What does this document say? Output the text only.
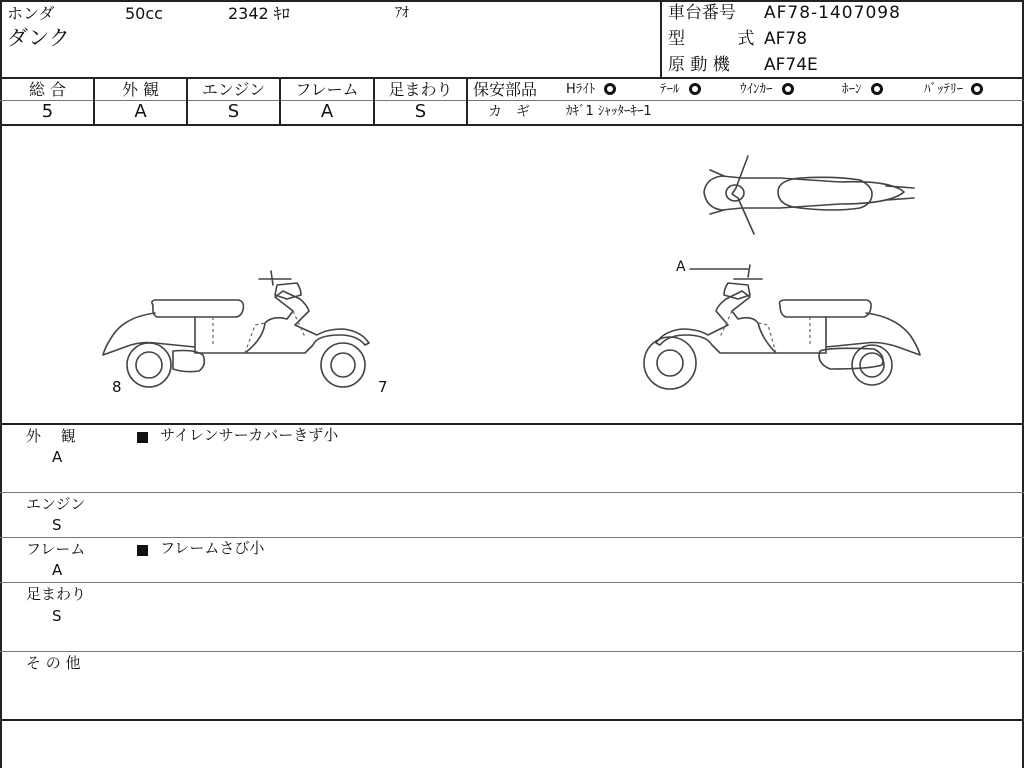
ホンダ	50cc	2342 ｷﾛ	ｱｵ
ダンク
車台番号 AF78-1407098
型　 式 AF78
原 動 機 AF74E
総 合
5
外 観
A
エンジン
S
フレーム
A
足まわり
S
保安部品 Hﾗｲﾄ	ﾃｰﾙ	ｳｲﾝｶｰ	ﾎｰﾝ	ﾊﾞｯﾃﾘｰ
カ　ギ	ｶｷﾞ1 ｼｬｯﾀｰｷｰ1
8	7
A
外　 観
A
サイレンサーカバーきず小
エンジン
S
フレーム
A
フレームさび小
足まわり
S
そ の 他
